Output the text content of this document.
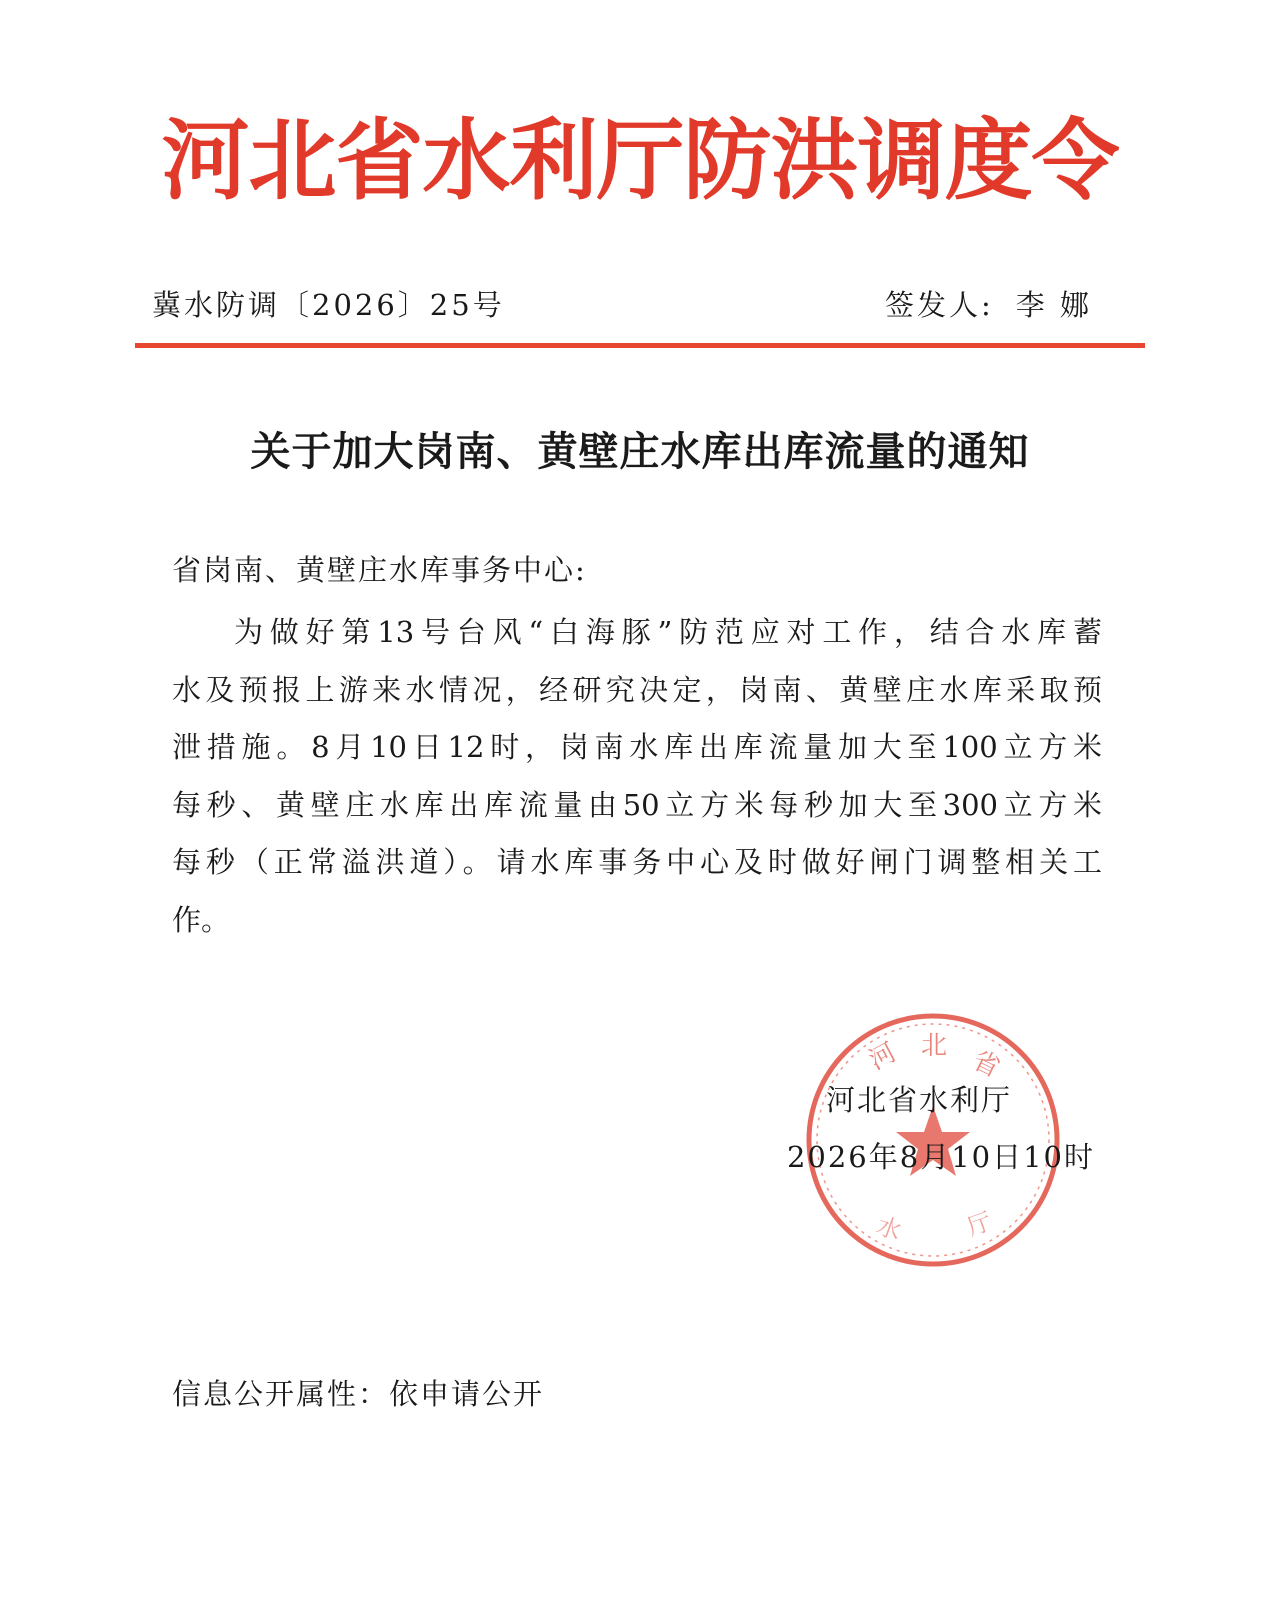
河北省水利厅防洪调度令
冀水防调〔2026〕25号	签发人: 李 娜
关于加大岗南、黄壁庄水库出库流量的通知
省岗南、黄壁庄水库事务中心:
为做好第13号台风“白海豚”防范应对工作，结合水库蓄
水及预报上游来水情况，经研究决定，岗南、黄壁庄水库采取预
泄措施。8月10日12时，岗南水库出库流量加大至100立方米
每秒、黄壁庄水库出库流量由50立方米每秒加大至300立方米
每秒（正常溢洪道）。请水库事务中心及时做好闸门调整相关工
作。
河 北 省
水 厅
河北省水利厅
2026年8月10日10时
信息公开属性：依申请公开
